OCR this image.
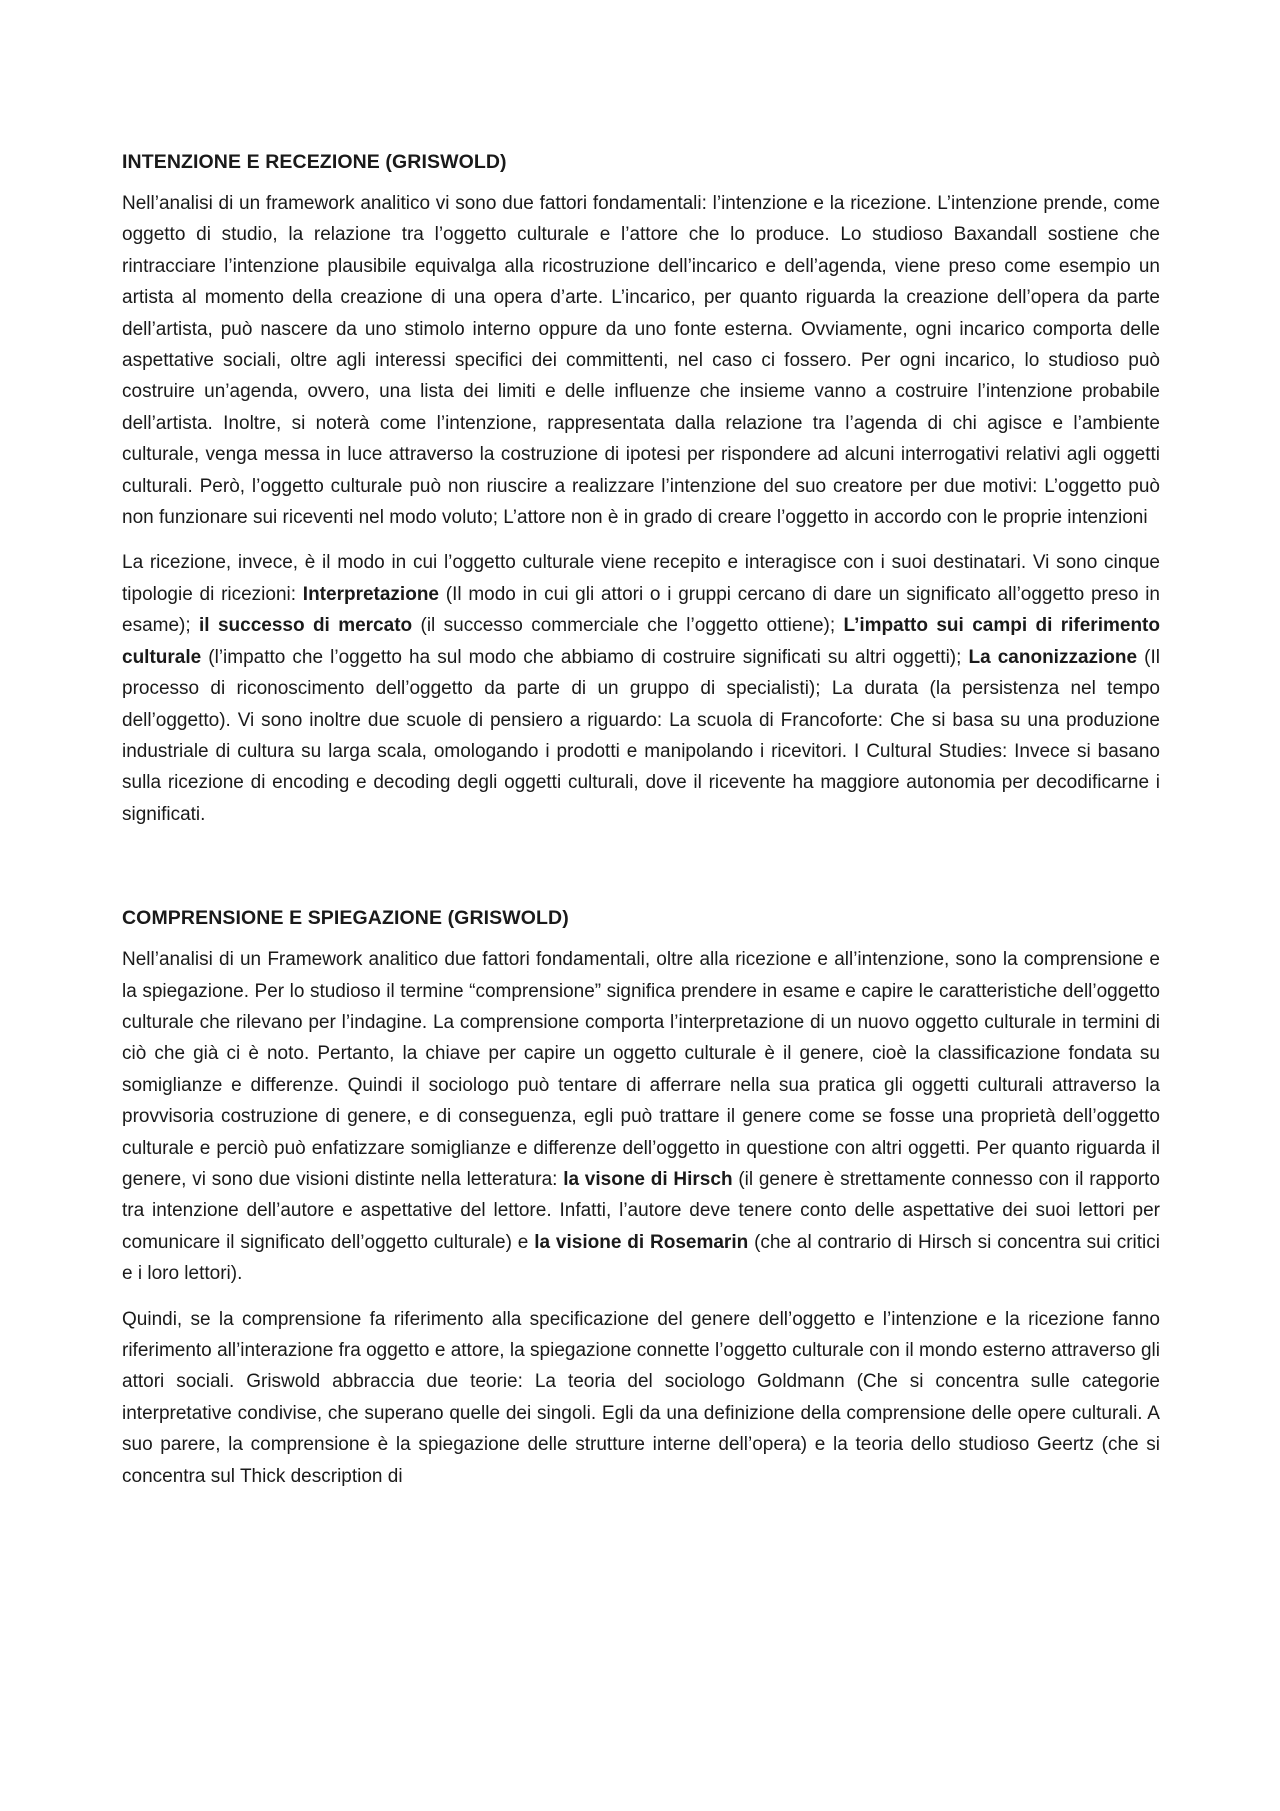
INTENZIONE E RECEZIONE (GRISWOLD)

Nell’analisi di un framework analitico vi sono due fattori fondamentali: l’intenzione e la ricezione. L’intenzione prende, come oggetto di studio, la relazione tra l’oggetto culturale e l’attore che lo produce. Lo studioso Baxandall sostiene che rintracciare l’intenzione plausibile equivalga alla ricostruzione dell’incarico e dell’agenda, viene preso come esempio un artista al momento della creazione di una opera d’arte. L’incarico, per quanto riguarda la creazione dell’opera da parte dell’artista, può nascere da uno stimolo interno oppure da uno fonte esterna. Ovviamente, ogni incarico comporta delle aspettative sociali, oltre agli interessi specifici dei committenti, nel caso ci fossero. Per ogni incarico, lo studioso può costruire un’agenda, ovvero, una lista dei limiti e delle influenze che insieme vanno a costruire l’intenzione probabile dell’artista. Inoltre, si noterà come l’intenzione, rappresentata dalla relazione tra l’agenda di chi agisce e l’ambiente culturale, venga messa in luce attraverso la costruzione di ipotesi per rispondere ad alcuni interrogativi relativi agli oggetti culturali. Però, l’oggetto culturale può non riuscire a realizzare l’intenzione del suo creatore per due motivi: L’oggetto può non funzionare sui riceventi nel modo voluto; L’attore non è in grado di creare l’oggetto in accordo con le proprie intenzioni

La ricezione, invece, è il modo in cui l’oggetto culturale viene recepito e interagisce con i suoi destinatari. Vi sono cinque tipologie di ricezioni: Interpretazione (Il modo in cui gli attori o i gruppi cercano di dare un significato all’oggetto preso in esame); il successo di mercato (il successo commerciale che l’oggetto ottiene); L’impatto sui campi di riferimento culturale (l’impatto che l’oggetto ha sul modo che abbiamo di costruire significati su altri oggetti); La canonizzazione (Il processo di riconoscimento dell’oggetto da parte di un gruppo di specialisti); La durata (la persistenza nel tempo dell’oggetto). Vi sono inoltre due scuole di pensiero a riguardo: La scuola di Francoforte: Che si basa su una produzione industriale di cultura su larga scala, omologando i prodotti e manipolando i ricevitori. I Cultural Studies: Invece si basano sulla ricezione di encoding e decoding degli oggetti culturali, dove il ricevente ha maggiore autonomia per decodificarne i significati.

COMPRENSIONE E SPIEGAZIONE (GRISWOLD)

Nell’analisi di un Framework analitico due fattori fondamentali, oltre alla ricezione e all’intenzione, sono la comprensione e la spiegazione. Per lo studioso il termine “comprensione” significa prendere in esame e capire le caratteristiche dell’oggetto culturale che rilevano per l’indagine. La comprensione comporta l’interpretazione di un nuovo oggetto culturale in termini di ciò che già ci è noto. Pertanto, la chiave per capire un oggetto culturale è il genere, cioè la classificazione fondata su somiglianze e differenze. Quindi il sociologo può tentare di afferrare nella sua pratica gli oggetti culturali attraverso la provvisoria costruzione di genere, e di conseguenza, egli può trattare il genere come se fosse una proprietà dell’oggetto culturale e perciò può enfatizzare somiglianze e differenze dell’oggetto in questione con altri oggetti. Per quanto riguarda il genere, vi sono due visioni distinte nella letteratura: la visone di Hirsch (il genere è strettamente connesso con il rapporto tra intenzione dell’autore e aspettative del lettore. Infatti, l’autore deve tenere conto delle aspettative dei suoi lettori per comunicare il significato dell’oggetto culturale) e la visione di Rosemarin (che al contrario di Hirsch si concentra sui critici e i loro lettori).

Quindi, se la comprensione fa riferimento alla specificazione del genere dell’oggetto e l’intenzione e la ricezione fanno riferimento all’interazione fra oggetto e attore, la spiegazione connette l’oggetto culturale con il mondo esterno attraverso gli attori sociali. Griswold abbraccia due teorie: La teoria del sociologo Goldmann (Che si concentra sulle categorie interpretative condivise, che superano quelle dei singoli. Egli da una definizione della comprensione delle opere culturali. A suo parere, la comprensione è la spiegazione delle strutture interne dell’opera) e la teoria dello studioso Geertz (che si concentra sul Thick description di
